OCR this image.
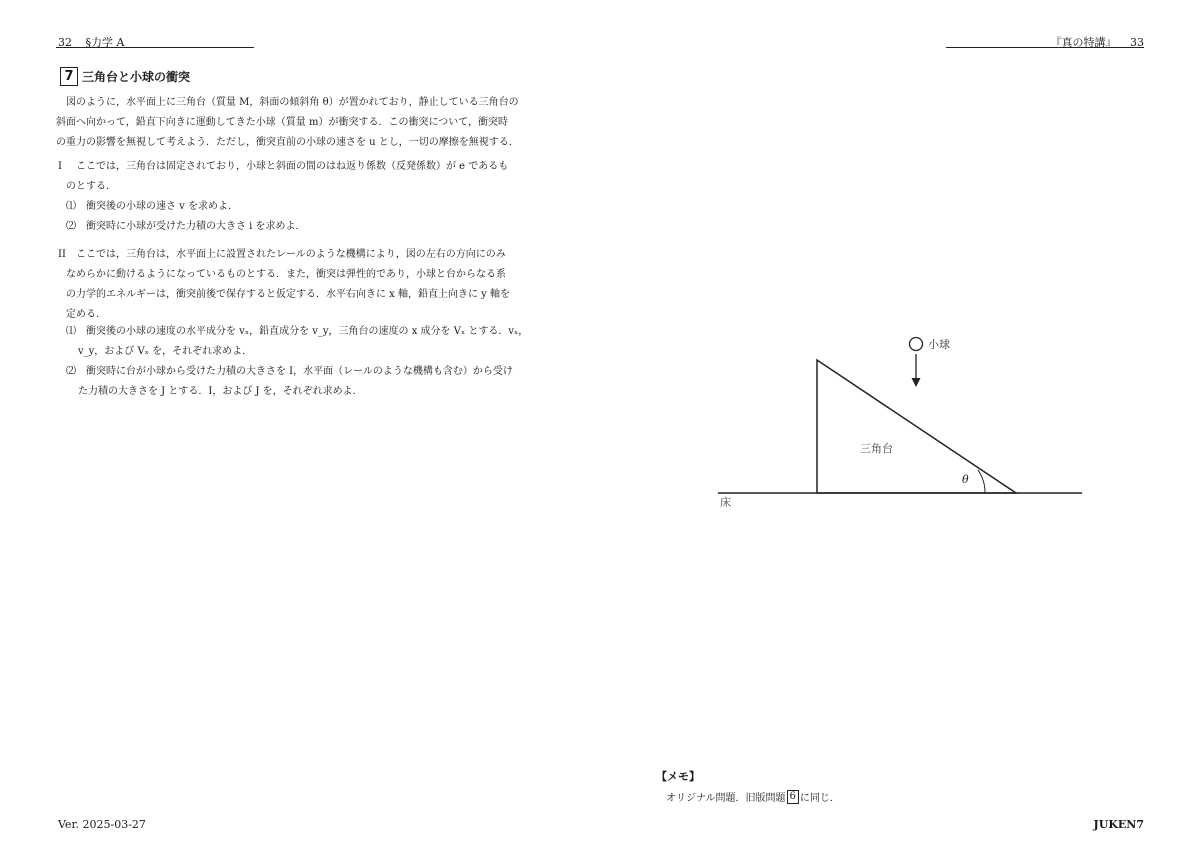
32 §力学 A	『真の特講』 33
7 三角台と小球の衝突

図のように，水平面上に三角台（質量 M，斜面の傾斜角 θ）が置かれており，静止している三角台の

斜面へ向かって，鉛直下向きに運動してきた小球（質量 m）が衝突する．この衝突について，衝突時

の重力の影響を無視して考えよう．ただし，衝突直前の小球の速さを u とし，一切の摩擦を無視する．

I ここでは，三角台は固定されており，小球と斜面の間のはね返り係数（反発係数）が e であるも

のとする．

⑴　衝突後の小球の速さ v を求めよ．

⑵　衝突時に小球が受けた力積の大きさ i を求めよ．

II ここでは，三角台は，水平面上に設置されたレールのような機構により，図の左右の方向にのみ

なめらかに動けるようになっているものとする．また，衝突は弾性的であり，小球と台からなる系

の力学的エネルギーは，衝突前後で保存すると仮定する．水平右向きに x 軸，鉛直上向きに y 軸を

定める．

⑴　衝突後の小球の速度の水平成分を vₓ，鉛直成分を v_y，三角台の速度の x 成分を Vₓ とする．vₓ，

v_y，および Vₓ を，それぞれ求めよ．

⑵　衝突時に台が小球から受けた力積の大きさを I，水平面（レールのような機構も含む）から受け

た力積の大きさを J とする．I，および J を，それぞれ求めよ．

小球
三角台
θ
床
【メモ】
オリジナル問題．旧版問題 6 に同じ．
Ver. 2025-03-27	JUKEN7
